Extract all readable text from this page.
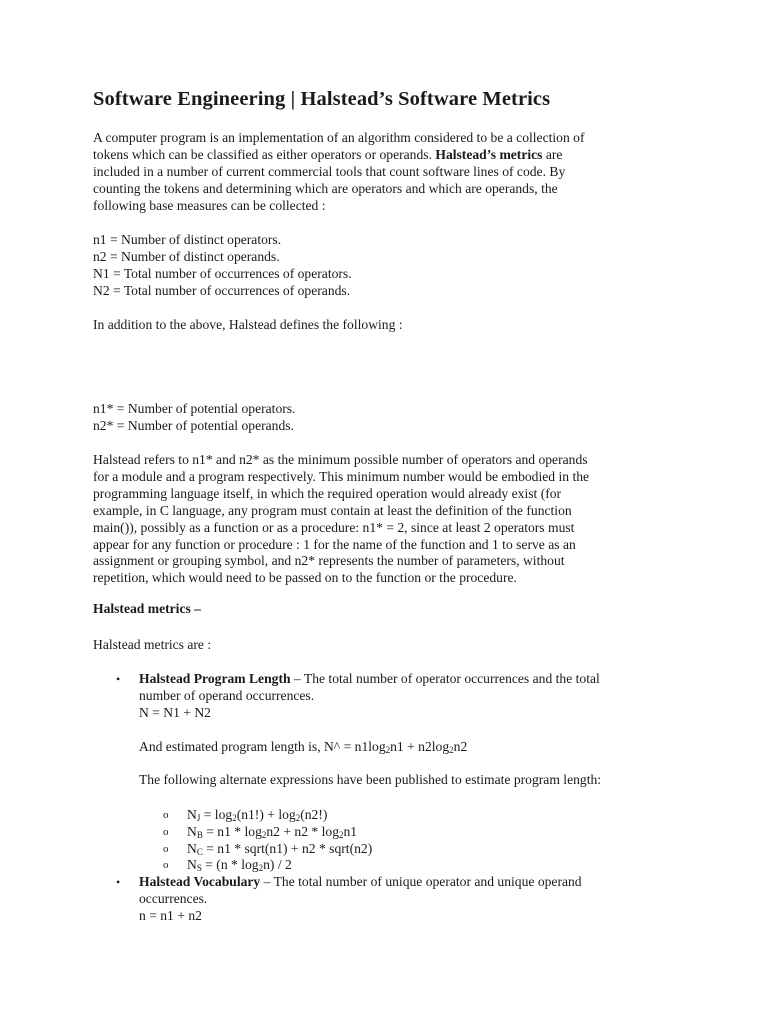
Software Engineering | Halstead’s Software Metrics

A computer program is an implementation of an algorithm considered to be a collection of
tokens which can be classified as either operators or operands. Halstead’s metrics are
included in a number of current commercial tools that count software lines of code. By
counting the tokens and determining which are operators and which are operands, the
following base measures can be collected :

n1 = Number of distinct operators.
n2 = Number of distinct operands.
N1 = Total number of occurrences of operators.
N2 = Total number of occurrences of operands.

In addition to the above, Halstead defines the following :

n1* = Number of potential operators.
n2* = Number of potential operands.

Halstead refers to n1* and n2* as the minimum possible number of operators and operands
for a module and a program respectively. This minimum number would be embodied in the
programming language itself, in which the required operation would already exist (for
example, in C language, any program must contain at least the definition of the function
main()), possibly as a function or as a procedure: n1* = 2, since at least 2 operators must
appear for any function or procedure : 1 for the name of the function and 1 to serve as an
assignment or grouping symbol, and n2* represents the number of parameters, without
repetition, which would need to be passed on to the function or the procedure.

Halstead metrics –

Halstead metrics are :

• Halstead Program Length – The total number of operator occurrences and the total
number of operand occurrences.
N = N1 + N2

And estimated program length is, N^ = $n1\log_2n1 + n2\log_2n2$

The following alternate expressions have been published to estimate program length:

o $N_J = \log_2(n1!) + \log_2(n2!)$

o $N_B = n1 * \log_2n2 + n2 * \log_2n1$

o $N_C = n1$ * sqrt(n1) + n2 * sqrt(n2)

o $N_S = (n * \log_2n) / 2$

• Halstead Vocabulary – The total number of unique operator and unique operand
occurrences.
n = n1 + n2
